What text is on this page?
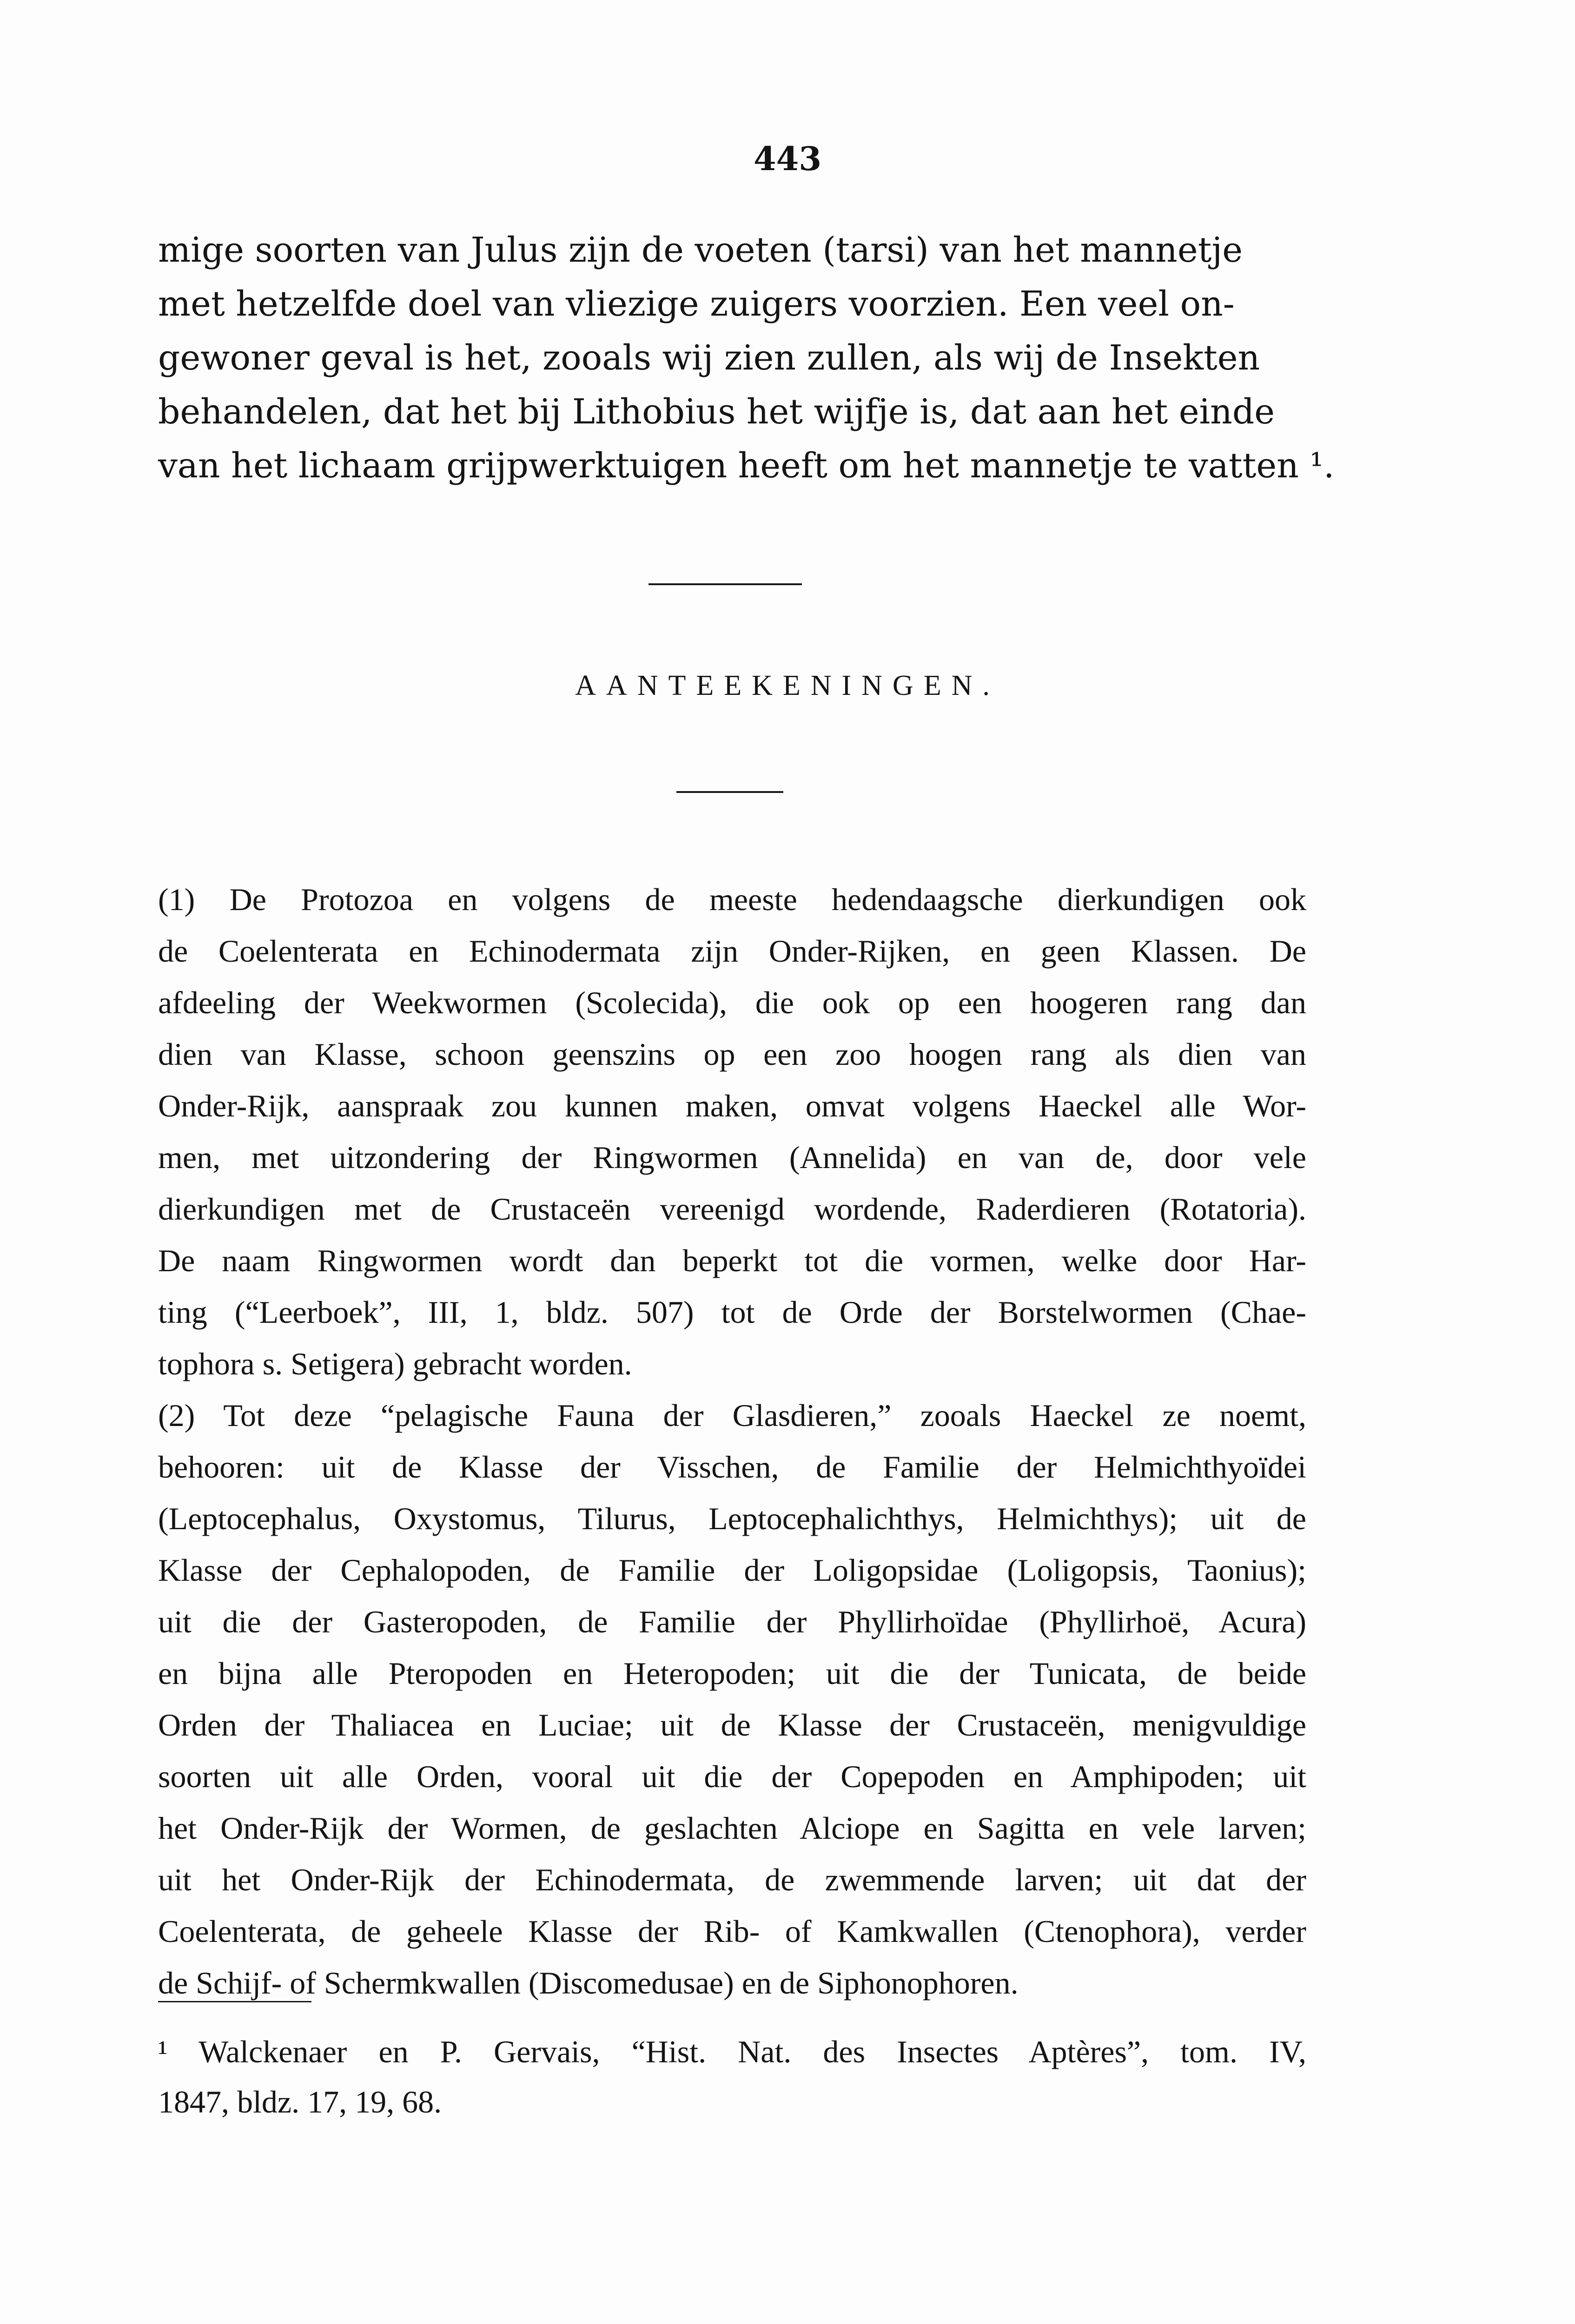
443
mige soorten van Julus zijn de voeten (tarsi) van het mannetje
met hetzelfde doel van vliezige zuigers voorzien. Een veel on-
gewoner geval is het, zooals wij zien zullen, als wij de Insekten
behandelen, dat het bij Lithobius het wijfje is, dat aan het einde
van het lichaam grijpwerktuigen heeft om het mannetje te vatten ¹.
AANTEEKENINGEN.
(1) De Protozoa en volgens de meeste hedendaagsche dierkundigen ook
de Coelenterata en Echinodermata zijn Onder-Rijken, en geen Klassen. De
afdeeling der Weekwormen (Scolecida), die ook op een hoogeren rang dan
dien van Klasse, schoon geenszins op een zoo hoogen rang als dien van
Onder-Rijk, aanspraak zou kunnen maken, omvat volgens Haeckel alle Wor-
men, met uitzondering der Ringwormen (Annelida) en van de, door vele
dierkundigen met de Crustaceën vereenigd wordende, Raderdieren (Rotatoria).
De naam Ringwormen wordt dan beperkt tot die vormen, welke door Har-
ting (“Leerboek”, III, 1, bldz. 507) tot de Orde der Borstelwormen (Chae-
tophora s. Setigera) gebracht worden.
(2) Tot deze “pelagische Fauna der Glasdieren,” zooals Haeckel ze noemt,
behooren: uit de Klasse der Visschen, de Familie der Helmichthyoïdei
(Leptocephalus, Oxystomus, Tilurus, Leptocephalichthys, Helmichthys); uit de
Klasse der Cephalopoden, de Familie der Loligopsidae (Loligopsis, Taonius);
uit die der Gasteropoden, de Familie der Phyllirhoïdae (Phyllirhoë, Acura)
en bijna alle Pteropoden en Heteropoden; uit die der Tunicata, de beide
Orden der Thaliacea en Luciae; uit de Klasse der Crustaceën, menigvuldige
soorten uit alle Orden, vooral uit die der Copepoden en Amphipoden; uit
het Onder-Rijk der Wormen, de geslachten Alciope en Sagitta en vele larven;
uit het Onder-Rijk der Echinodermata, de zwemmende larven; uit dat der
Coelenterata, de geheele Klasse der Rib- of Kamkwallen (Ctenophora), verder
de Schijf- of Schermkwallen (Discomedusae) en de Siphonophoren.
¹ Walckenaer en P. Gervais, “Hist. Nat. des Insectes Aptères”, tom. IV,
1847, bldz. 17, 19, 68.
